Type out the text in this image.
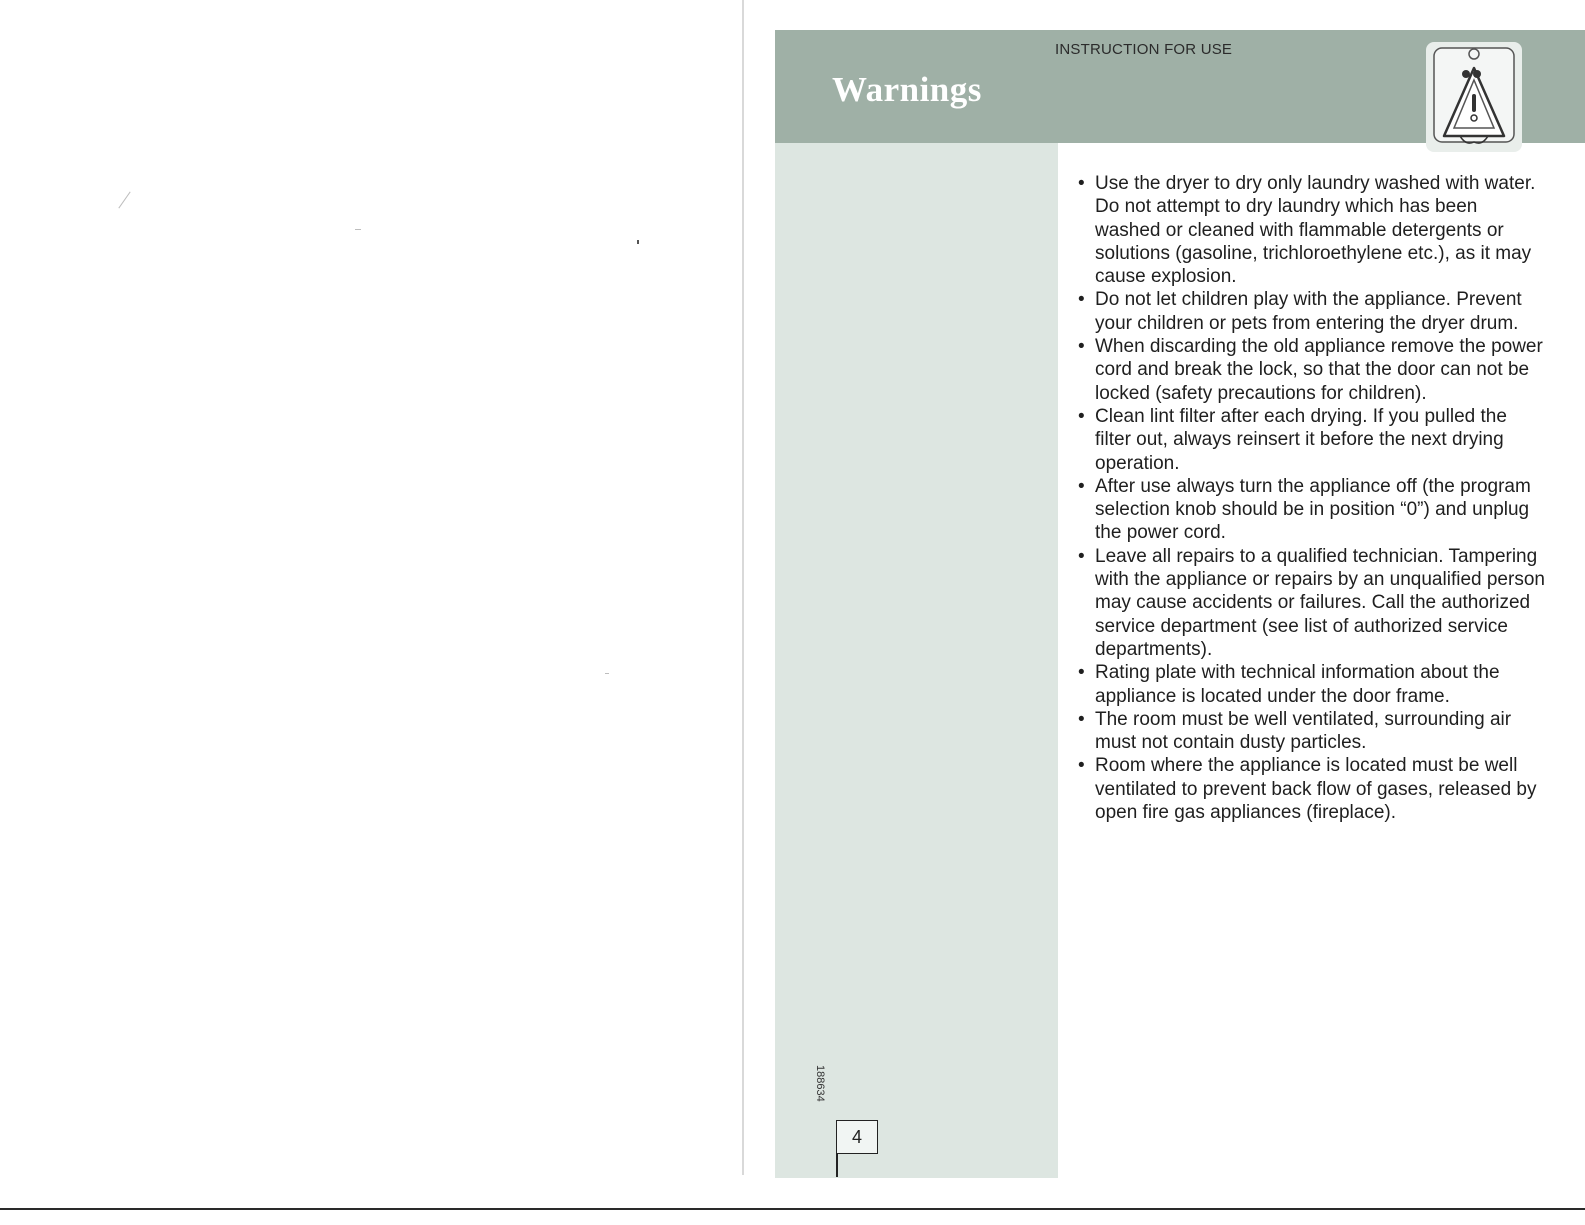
INSTRUCTION FOR USE
Warnings
• Use the dryer to dry only laundry washed with water. Do not attempt to dry laundry which has been washed or cleaned with flammable detergents or solutions (gasoline, trichloroethylene etc.), as it may cause explosion.
• Do not let children play with the appliance. Prevent your children or pets from entering the dryer drum.
• When discarding the old appliance remove the power cord and break the lock, so that the door can not be locked (safety precautions for children).
• Clean lint filter after each drying. If you pulled the filter out, always reinsert it before the next drying operation.
• After use always turn the appliance off (the program selection knob should be in position “0”) and unplug the power cord.
• Leave all repairs to a qualified technician. Tampering with the appliance or repairs by an unqualified person may cause accidents or failures. Call the authorized service department (see list of authorized service departments).
• Rating plate with technical information about the appliance is located under the door frame.
• The room must be well ventilated, surrounding air must not contain dusty particles.
• Room where the appliance is located must be well ventilated to prevent back flow of gases, released by open fire gas appliances (fireplace).
188634
4
